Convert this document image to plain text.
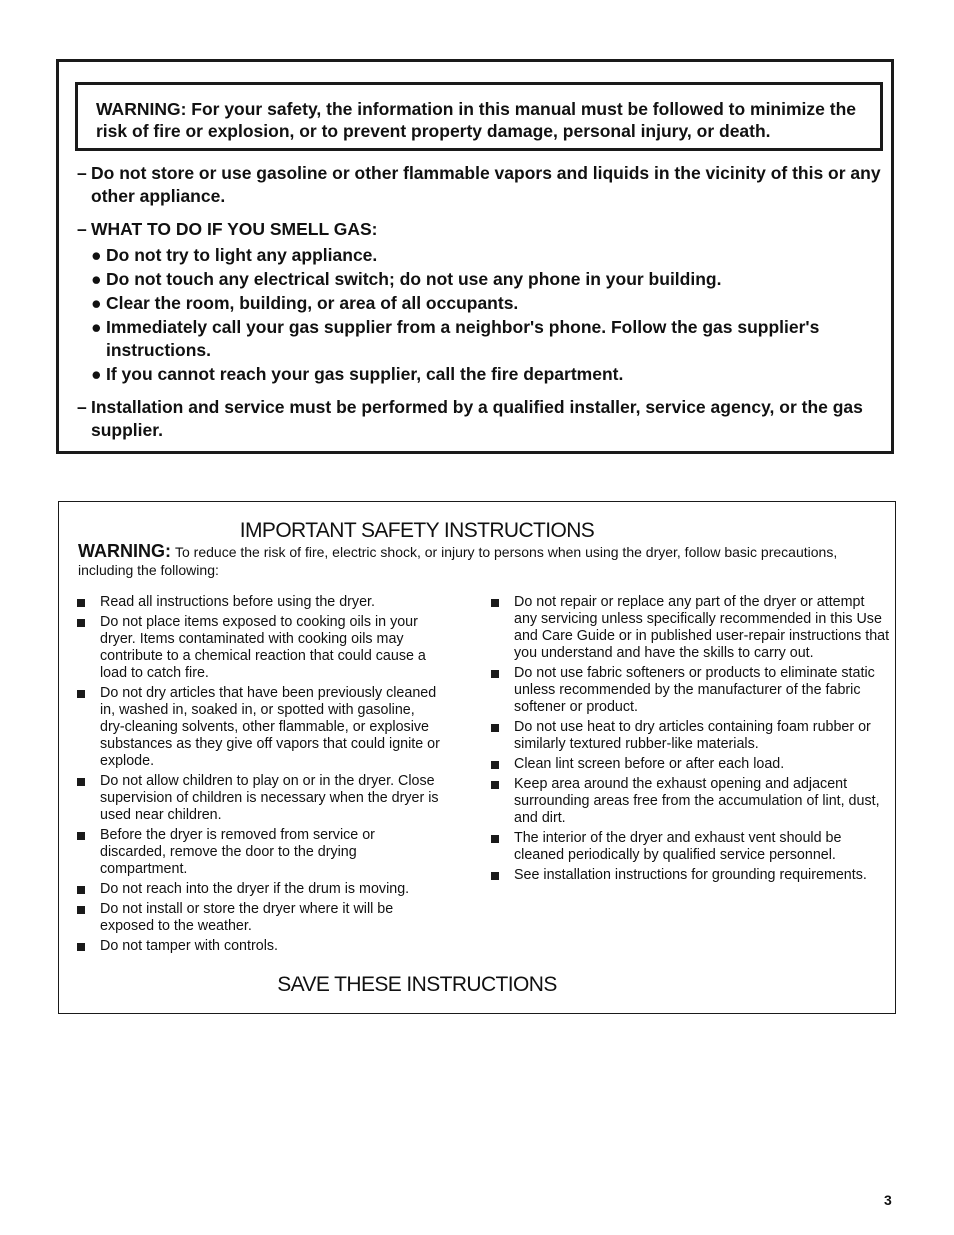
WARNING: For your safety, the information in this manual must be followed to minimize the risk of fire or explosion, or to prevent property damage, personal injury, or death.
– Do not store or use gasoline or other flammable vapors and liquids in the vicinity of this or any other appliance.
– WHAT TO DO IF YOU SMELL GAS:
● Do not try to light any appliance.
● Do not touch any electrical switch; do not use any phone in your building.
● Clear the room, building, or area of all occupants.
● Immediately call your gas supplier from a neighbor's phone. Follow the gas supplier's instructions.
● If you cannot reach your gas supplier, call the fire department.
– Installation and service must be performed by a qualified installer, service agency, or the gas supplier.
IMPORTANT SAFETY INSTRUCTIONS
WARNING: To reduce the risk of fire, electric shock, or injury to persons when using the dryer, follow basic precautions, including the following:
Read all instructions before using the dryer.
Do not place items exposed to cooking oils in your dryer. Items contaminated with cooking oils may contribute to a chemical reaction that could cause a load to catch fire.
Do not dry articles that have been previously cleaned in, washed in, soaked in, or spotted with gasoline, dry-cleaning solvents, other flammable, or explosive substances as they give off vapors that could ignite or explode.
Do not allow children to play on or in the dryer. Close supervision of children is necessary when the dryer is used near children.
Before the dryer is removed from service or discarded, remove the door to the drying compartment.
Do not reach into the dryer if the drum is moving.
Do not install or store the dryer where it will be exposed to the weather.
Do not tamper with controls.
Do not repair or replace any part of the dryer or attempt any servicing unless specifically recommended in this Use and Care Guide or in published user-repair instructions that you understand and have the skills to carry out.
Do not use fabric softeners or products to eliminate static unless recommended by the manufacturer of the fabric softener or product.
Do not use heat to dry articles containing foam rubber or similarly textured rubber-like materials.
Clean lint screen before or after each load.
Keep area around the exhaust opening and adjacent surrounding areas free from the accumulation of lint, dust, and dirt.
The interior of the dryer and exhaust vent should be cleaned periodically by qualified service personnel.
See installation instructions for grounding requirements.
SAVE THESE INSTRUCTIONS
3
